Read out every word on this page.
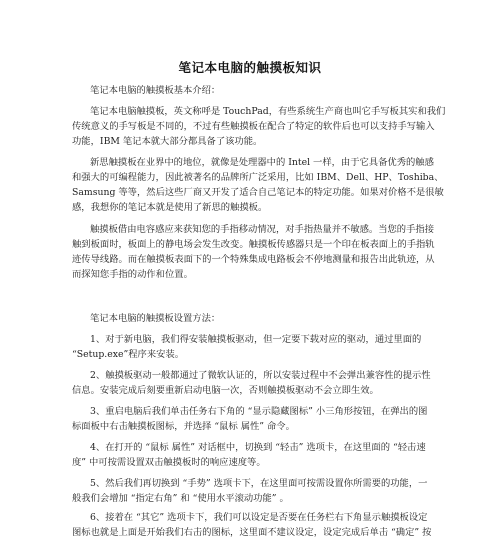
笔记本电脑的触摸板知识
笔记本电脑的触摸板基本介绍：
笔记本电脑触摸板，英文称呼是 TouchPad，有些系统生产商也叫它手写板其实和我们
传统意义的手写板是不同的，不过有些触摸板在配合了特定的软件后也可以支持手写输入
功能，IBM 笔记本就大部分都具备了该功能。
新思触摸板在业界中的地位，就像是处理器中的 Intel 一样，由于它具备优秀的触感
和强大的可编程能力，因此被著名的品牌所广泛采用，比如 IBM、Dell、HP、Toshiba、
Samsung 等等，然后这些厂商又开发了适合自己笔记本的特定功能。如果对价格不是很敏
感，我想你的笔记本就是使用了新思的触摸板。
触摸板借由电容感应来获知您的手指移动情况，对手指热量并不敏感。当您的手指接
触到板面时，板面上的静电场会发生改变。触摸板传感器只是一个印在板表面上的手指轨
迹传导线路。而在触摸板表面下的一个特殊集成电路板会不停地测量和报告出此轨迹，从
而探知您手指的动作和位置。
笔记本电脑的触摸板设置方法：
1、对于新电脑，我们得安装触摸板驱动，但一定要下载对应的驱动，通过里面的
“Setup.exe”程序来安装。
2、触摸板驱动一般都通过了微软认证的，所以安装过程中不会弹出兼容性的提示性
信息。安装完成后刻要重新启动电脑一次，否则触摸板驱动不会立即生效。
3、重启电脑后我们单击任务右下角的 “显示隐藏图标” 小三角形按钮，在弹出的图
标面板中右击触摸板图标，并选择 “鼠标 属性” 命令。
4、在打开的 “鼠标 属性” 对话框中，切换到 “轻击” 选项卡，在这里面的 “轻击速
度” 中可按需设置双击触摸板时的响应速度等。
5、然后我们再切换到 “手势” 选项卡下，在这里面可按需设置你所需要的功能，一
般我们会增加 “指定右角” 和 “使用水平滚动功能” 。
6、接着在 “其它” 选项卡下，我们可以设定是否要在任务栏右下角显示触摸板设定
图标也就是上面是开始我们右击的图标，这里面不建议设定，设定完成后单击 “确定” 按
